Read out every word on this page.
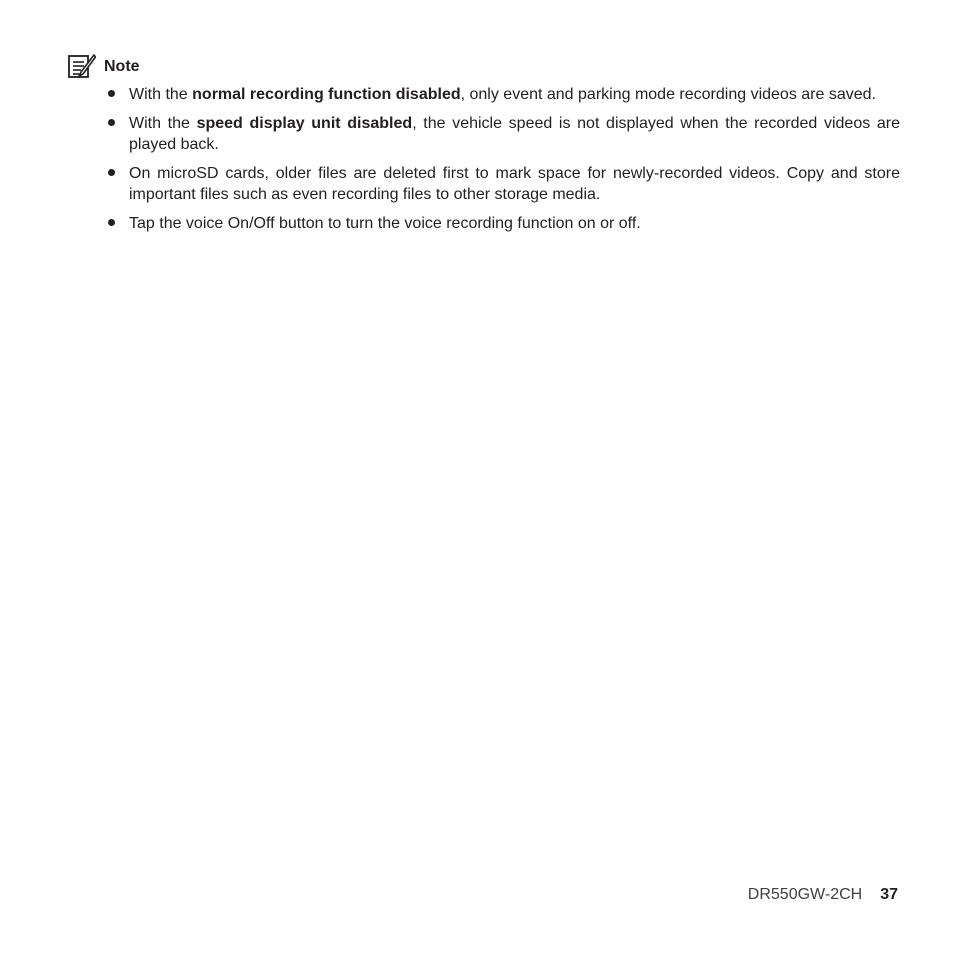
Note
With the normal recording function disabled, only event and parking mode recording videos are saved.
With the speed display unit disabled, the vehicle speed is not displayed when the recorded videos are played back.
On microSD cards, older files are deleted first to mark space for newly-recorded videos. Copy and store important files such as even recording files to other storage media.
Tap the voice On/Off button to turn the voice recording function on or off.
DR550GW-2CH 37
